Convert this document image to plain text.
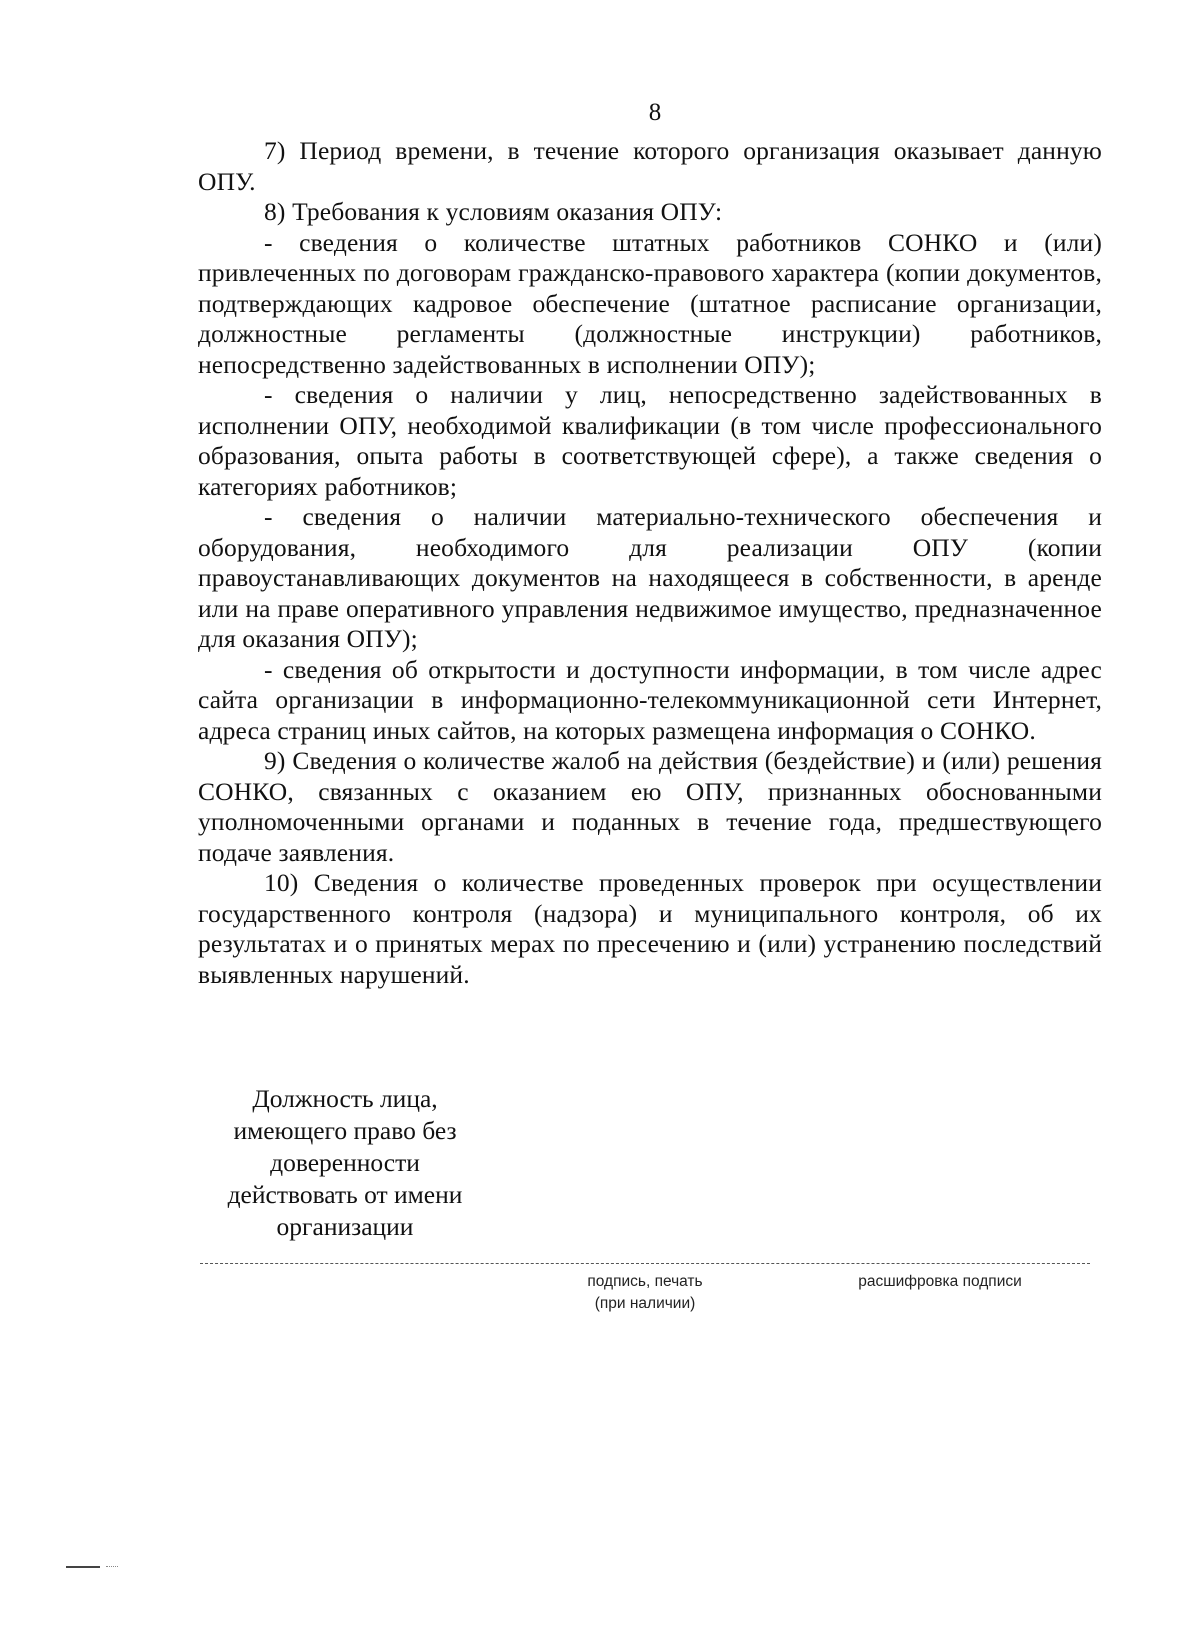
8

7) Период времени, в течение которого организация оказывает данную ОПУ.

8) Требования к условиям оказания ОПУ:

- сведения о количестве штатных работников СОНКО и (или) привлеченных по договорам гражданско-правового характера (копии документов, подтверждающих кадровое обеспечение (штатное расписание организации, должностные регламенты (должностные инструкции) работников, непосредственно задействованных в исполнении ОПУ);

- сведения о наличии у лиц, непосредственно задействованных в исполнении ОПУ, необходимой квалификации (в том числе профессионального образования, опыта работы в соответствующей сфере), а также сведения о категориях работников;

- сведения о наличии материально-технического обеспечения и оборудования, необходимого для реализации ОПУ (копии правоустанавливающих документов на находящееся в собственности, в аренде или на праве оперативного управления недвижимое имущество, предназначенное для оказания ОПУ);

- сведения об открытости и доступности информации, в том числе адрес сайта организации в информационно-телекоммуникационной сети Интернет, адреса страниц иных сайтов, на которых размещена информация о СОНКО.

9) Сведения о количестве жалоб на действия (бездействие) и (или) решения СОНКО, связанных с оказанием ею ОПУ, признанных обоснованными уполномоченными органами и поданных в течение года, предшествующего подаче заявления.

10) Сведения о количестве проведенных проверок при осуществлении государственного контроля (надзора) и муниципального контроля, об их результатах и о принятых мерах по пресечению и (или) устранению последствий выявленных нарушений.

Должность лица,
имеющего право без
доверенности
действовать от имени
организации
подпись, печать
(при наличии)
расшифровка подписи
